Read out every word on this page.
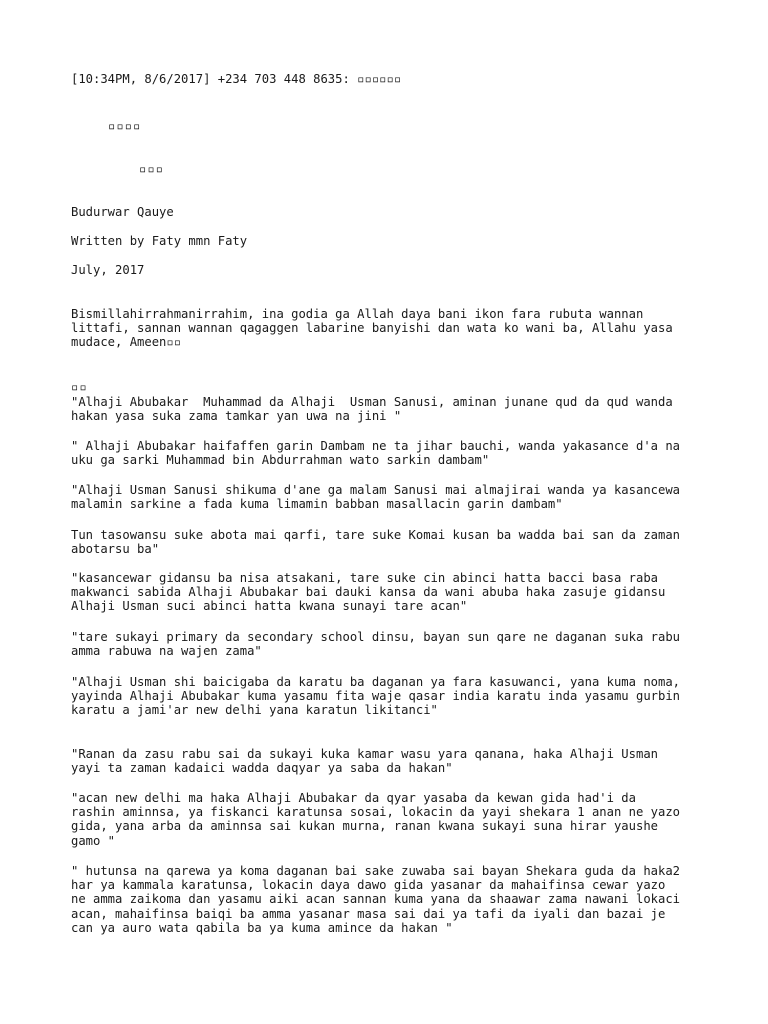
[10:34PM, 8/6/2017] +234 703 448 8635: ▫▫▫▫▫▫
▫▫▫▫
▫▫▫
Budurwar Qauye
Written by Faty mmn Faty
July, 2017
Bismillahirrahmanirrahim, ina godia ga Allah daya bani ikon fara rubuta wannan
littafi, sannan wannan qagaggen labarine banyishi dan wata ko wani ba, Allahu yasa
mudace, Ameen▫▫
▫▫
"Alhaji Abubakar  Muhammad da Alhaji  Usman Sanusi, aminan junane qud da qud wanda
hakan yasa suka zama tamkar yan uwa na jini "
" Alhaji Abubakar haifaffen garin Dambam ne ta jihar bauchi, wanda yakasance d'a na
uku ga sarki Muhammad bin Abdurrahman wato sarkin dambam"
"Alhaji Usman Sanusi shikuma d'ane ga malam Sanusi mai almajirai wanda ya kasancewa
malamin sarkine a fada kuma limamin babban masallacin garin dambam"
Tun tasowansu suke abota mai qarfi, tare suke Komai kusan ba wadda bai san da zaman
abotarsu ba"
"kasancewar gidansu ba nisa atsakani, tare suke cin abinci hatta bacci basa raba
makwanci sabida Alhaji Abubakar bai dauki kansa da wani abuba haka zasuje gidansu
Alhaji Usman suci abinci hatta kwana sunayi tare acan"
"tare sukayi primary da secondary school dinsu, bayan sun qare ne daganan suka rabu
amma rabuwa na wajen zama"
"Alhaji Usman shi baicigaba da karatu ba daganan ya fara kasuwanci, yana kuma noma,
yayinda Alhaji Abubakar kuma yasamu fita waje qasar india karatu inda yasamu gurbin
karatu a jami'ar new delhi yana karatun likitanci"
"Ranan da zasu rabu sai da sukayi kuka kamar wasu yara qanana, haka Alhaji Usman
yayi ta zaman kadaici wadda daqyar ya saba da hakan"
"acan new delhi ma haka Alhaji Abubakar da qyar yasaba da kewan gida had'i da
rashin aminnsa, ya fiskanci karatunsa sosai, lokacin da yayi shekara 1 anan ne yazo
gida, yana arba da aminnsa sai kukan murna, ranan kwana sukayi suna hirar yaushe
gamo "
" hutunsa na qarewa ya koma daganan bai sake zuwaba sai bayan Shekara guda da haka2
har ya kammala karatunsa, lokacin daya dawo gida yasanar da mahaifinsa cewar yazo
ne amma zaikoma dan yasamu aiki acan sannan kuma yana da shaawar zama nawani lokaci
acan, mahaifinsa baiqi ba amma yasanar masa sai dai ya tafi da iyali dan bazai je
can ya auro wata qabila ba ya kuma amince da hakan "
